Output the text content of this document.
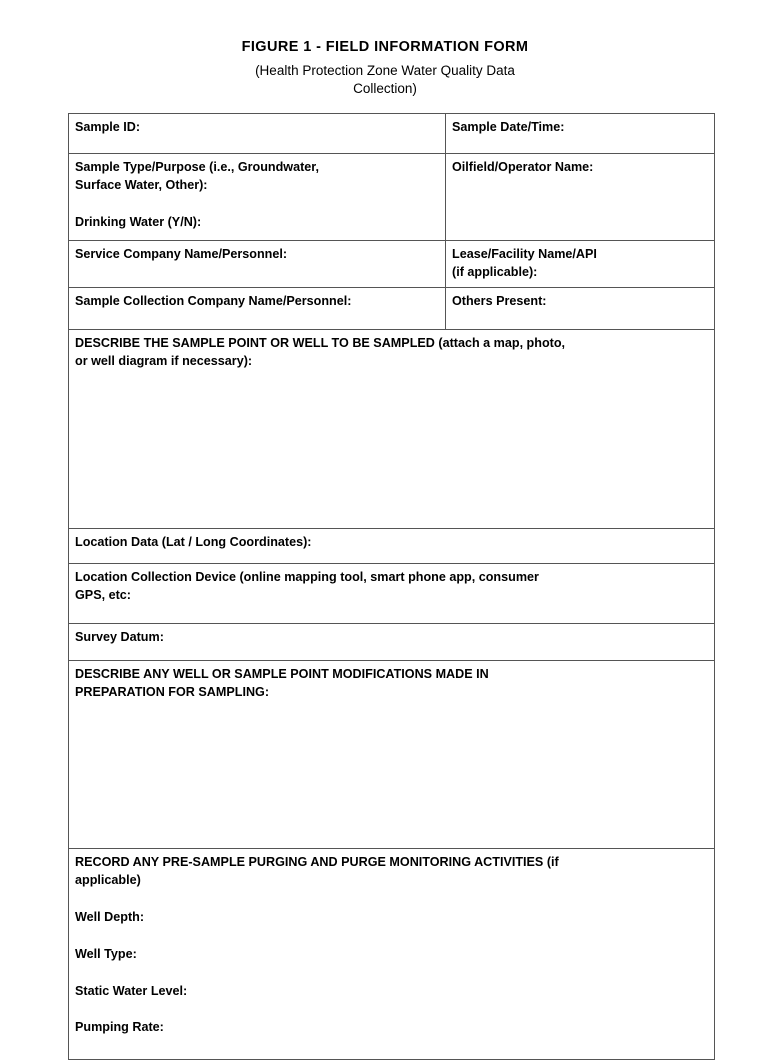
FIGURE 1 - FIELD INFORMATION FORM

(Health Protection Zone Water Quality Data
Collection)

Sample ID:	Sample Date/Time:

Sample Type/Purpose (i.e., Groundwater,
Surface Water, Other):
Drinking Water (Y/N):	Oilfield/Operator Name:

Service Company Name/Personnel:	Lease/Facility Name/API
(if applicable):

Sample Collection Company Name/Personnel:	Others Present:

DESCRIBE THE SAMPLE POINT OR WELL TO BE SAMPLED (attach a map, photo,
or well diagram if necessary):	

Location Data (Lat / Long Coordinates):	

Location Collection Device (online mapping tool, smart phone app, consumer
GPS, etc:	

Survey Datum:	

DESCRIBE ANY WELL OR SAMPLE POINT MODIFICATIONS MADE IN
PREPARATION FOR SAMPLING:	

RECORD ANY PRE-SAMPLE PURGING AND PURGE MONITORING ACTIVITIES (if
applicable)
Well Depth:
Well Type:
Static Water Level:
Pumping Rate:
